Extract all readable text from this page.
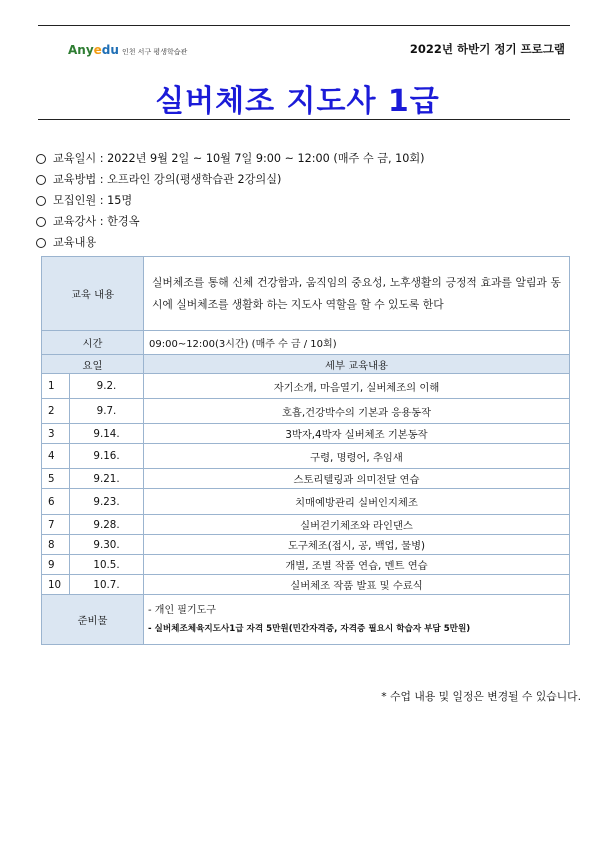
Anyedu 인천 서구 평생학습관	2022년 하반기 정기 프로그램
실버체조 지도사 1급
교육일시 : 2022년 9월 2일 ~ 10월 7일 9:00 ~ 12:00 (매주 수 금, 10회)
교육방법 : 오프라인 강의(평생학습관 2강의실)
모집인원 : 15명
교육강사 : 한경옥
교육내용
교육 내용		실버체조를 통해 신체 건강함과, 움직임의 중요성, 노후생활의 긍정적 효과를 알림과 동시에 실버체조를 생활화 하는 지도사 역할을 할 수 있도록 한다
시간		09:00~12:00(3시간) (매주 수 금 / 10회)
요일		세부 교육내용
1	9.2.	자기소개, 마음열기, 실버체조의 이해
2	9.7.	호흡,건강박수의 기본과 응용동작
3	9.14.	3박자,4박자 실버체조 기본동작
4	9.16.	구령, 명령어, 추임새
5	9.21.	스토리텔링과 의미전달 연습
6	9.23.	치매예방관리 실버인지체조
7	9.28.	실버걷기체조와 라인댄스
8	9.30.	도구체조(접시, 공, 백업, 물병)
9	10.5.	개별, 조별 작품 연습, 멘트 연습
10	10.7.	실버체조 작품 발표 및 수료식
준비물		- 개인 필기도구
- 실버체조체육지도사1급 자격 5만원(민간자격증, 자격증 필요시 학습자 부담 5만원)
* 수업 내용 및 일정은 변경될 수 있습니다.
